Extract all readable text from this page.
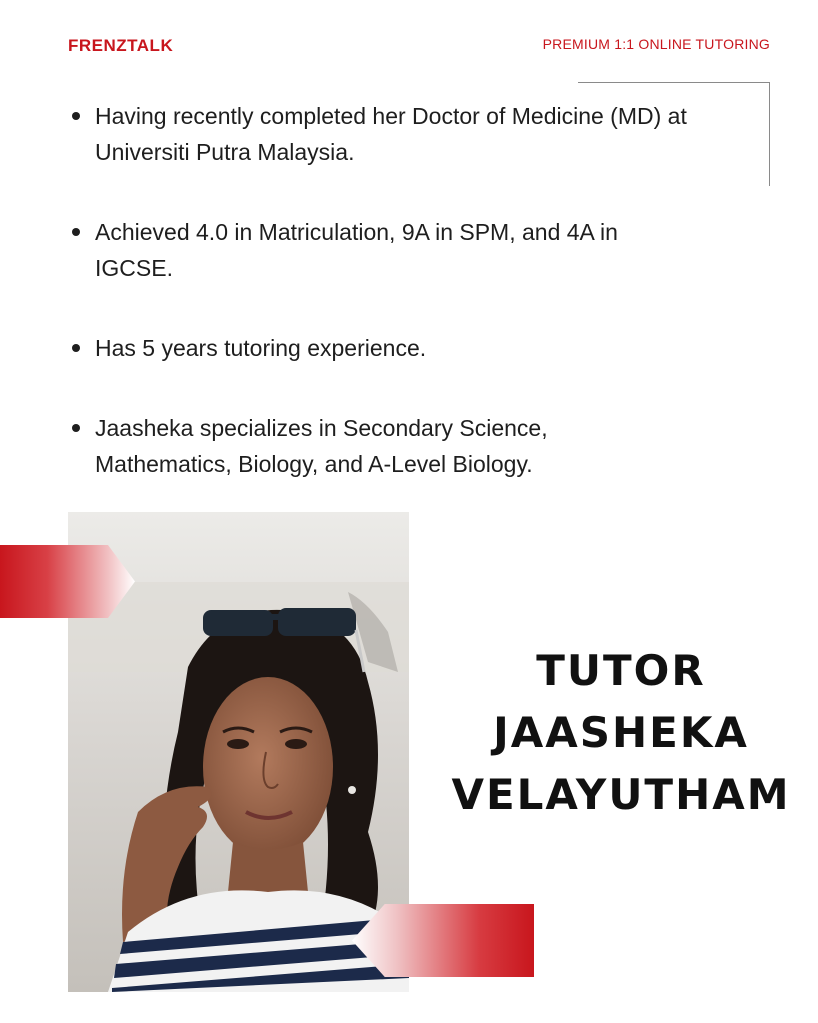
FRENZTALK	PREMIUM 1:1 ONLINE TUTORING
Having recently completed her Doctor of Medicine (MD) at Universiti Putra Malaysia.
Achieved 4.0 in Matriculation, 9A in SPM, and 4A in IGCSE.
Has 5 years tutoring experience.
Jaasheka specializes in Secondary Science, Mathematics, Biology, and A-Level Biology.
TUTOR
JAASHEKA
VELAYUTHAM
